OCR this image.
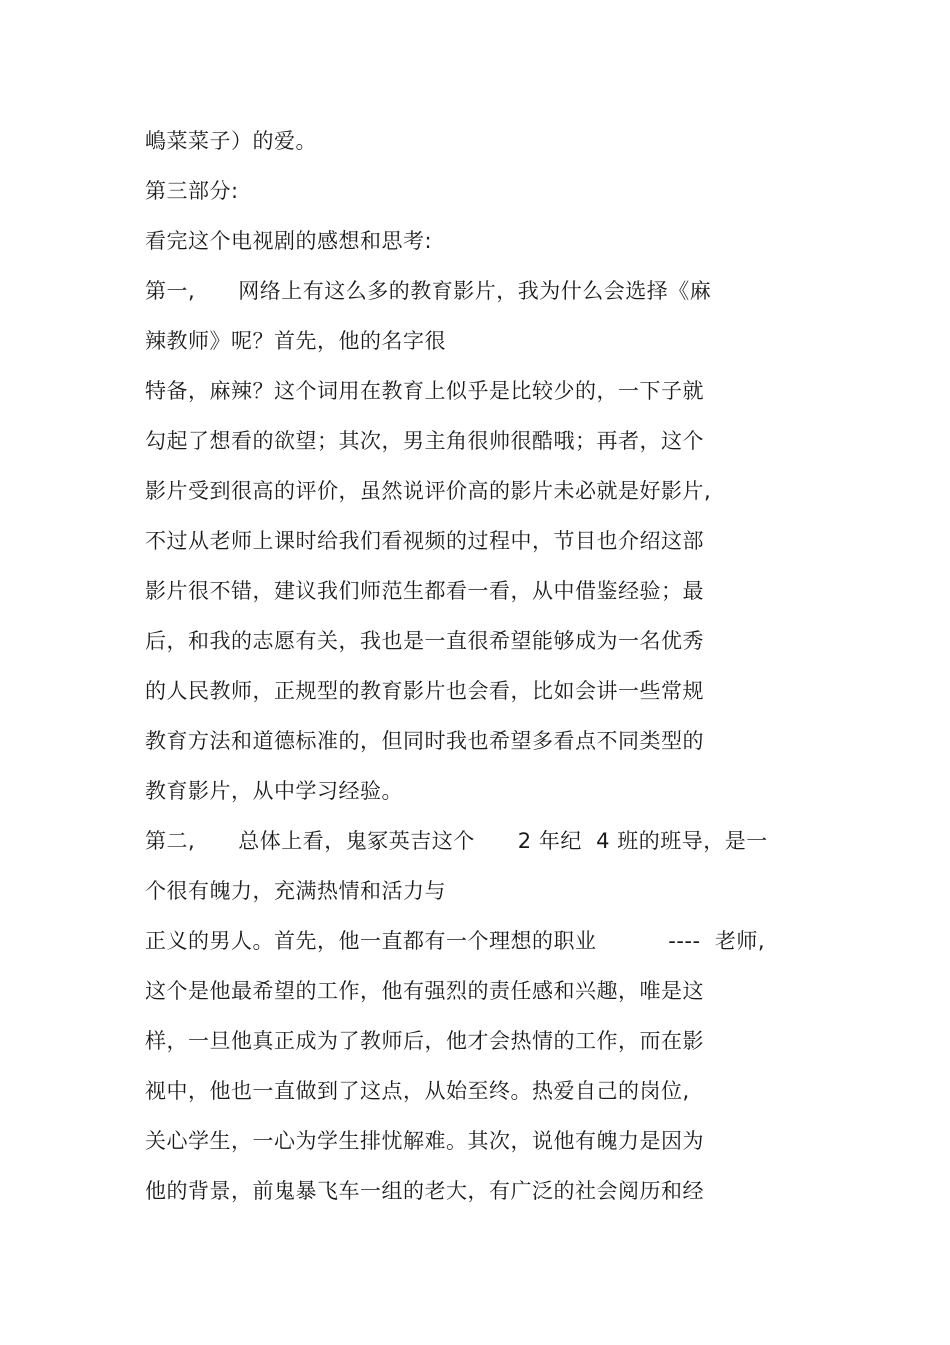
嶋菜菜子）的爱。
第三部分:
看完这个电视剧的感想和思考:
第一,      网络上有这么多的教育影片，我为什么会选择《麻
辣教师》呢？首先，他的名字很
特备，麻辣？这个词用在教育上似乎是比较少的，一下子就
勾起了想看的欲望；其次，男主角很帅很酷哦；再者，这个
影片受到很高的评价，虽然说评价高的影片未必就是好影片,
不过从老师上课时给我们看视频的过程中，节目也介绍这部
影片很不错，建议我们师范生都看一看，从中借鉴经验；最
后，和我的志愿有关，我也是一直很希望能够成为一名优秀
的人民教师，正规型的教育影片也会看，比如会讲一些常规
教育方法和道德标准的，但同时我也希望多看点不同类型的
教育影片，从中学习经验。
第二,      总体上看，鬼冢英吉这个      2 年纪  4 班的班导，是一
个很有魄力，充满热情和活力与
正义的男人。首先，他一直都有一个理想的职业          ----  老师,
这个是他最希望的工作，他有强烈的责任感和兴趣，唯是这
样，一旦他真正成为了教师后，他才会热情的工作，而在影
视中，他也一直做到了这点，从始至终。热爱自己的岗位,
关心学生，一心为学生排忧解难。其次，说他有魄力是因为
他的背景，前鬼暴飞车一组的老大，有广泛的社会阅历和经
